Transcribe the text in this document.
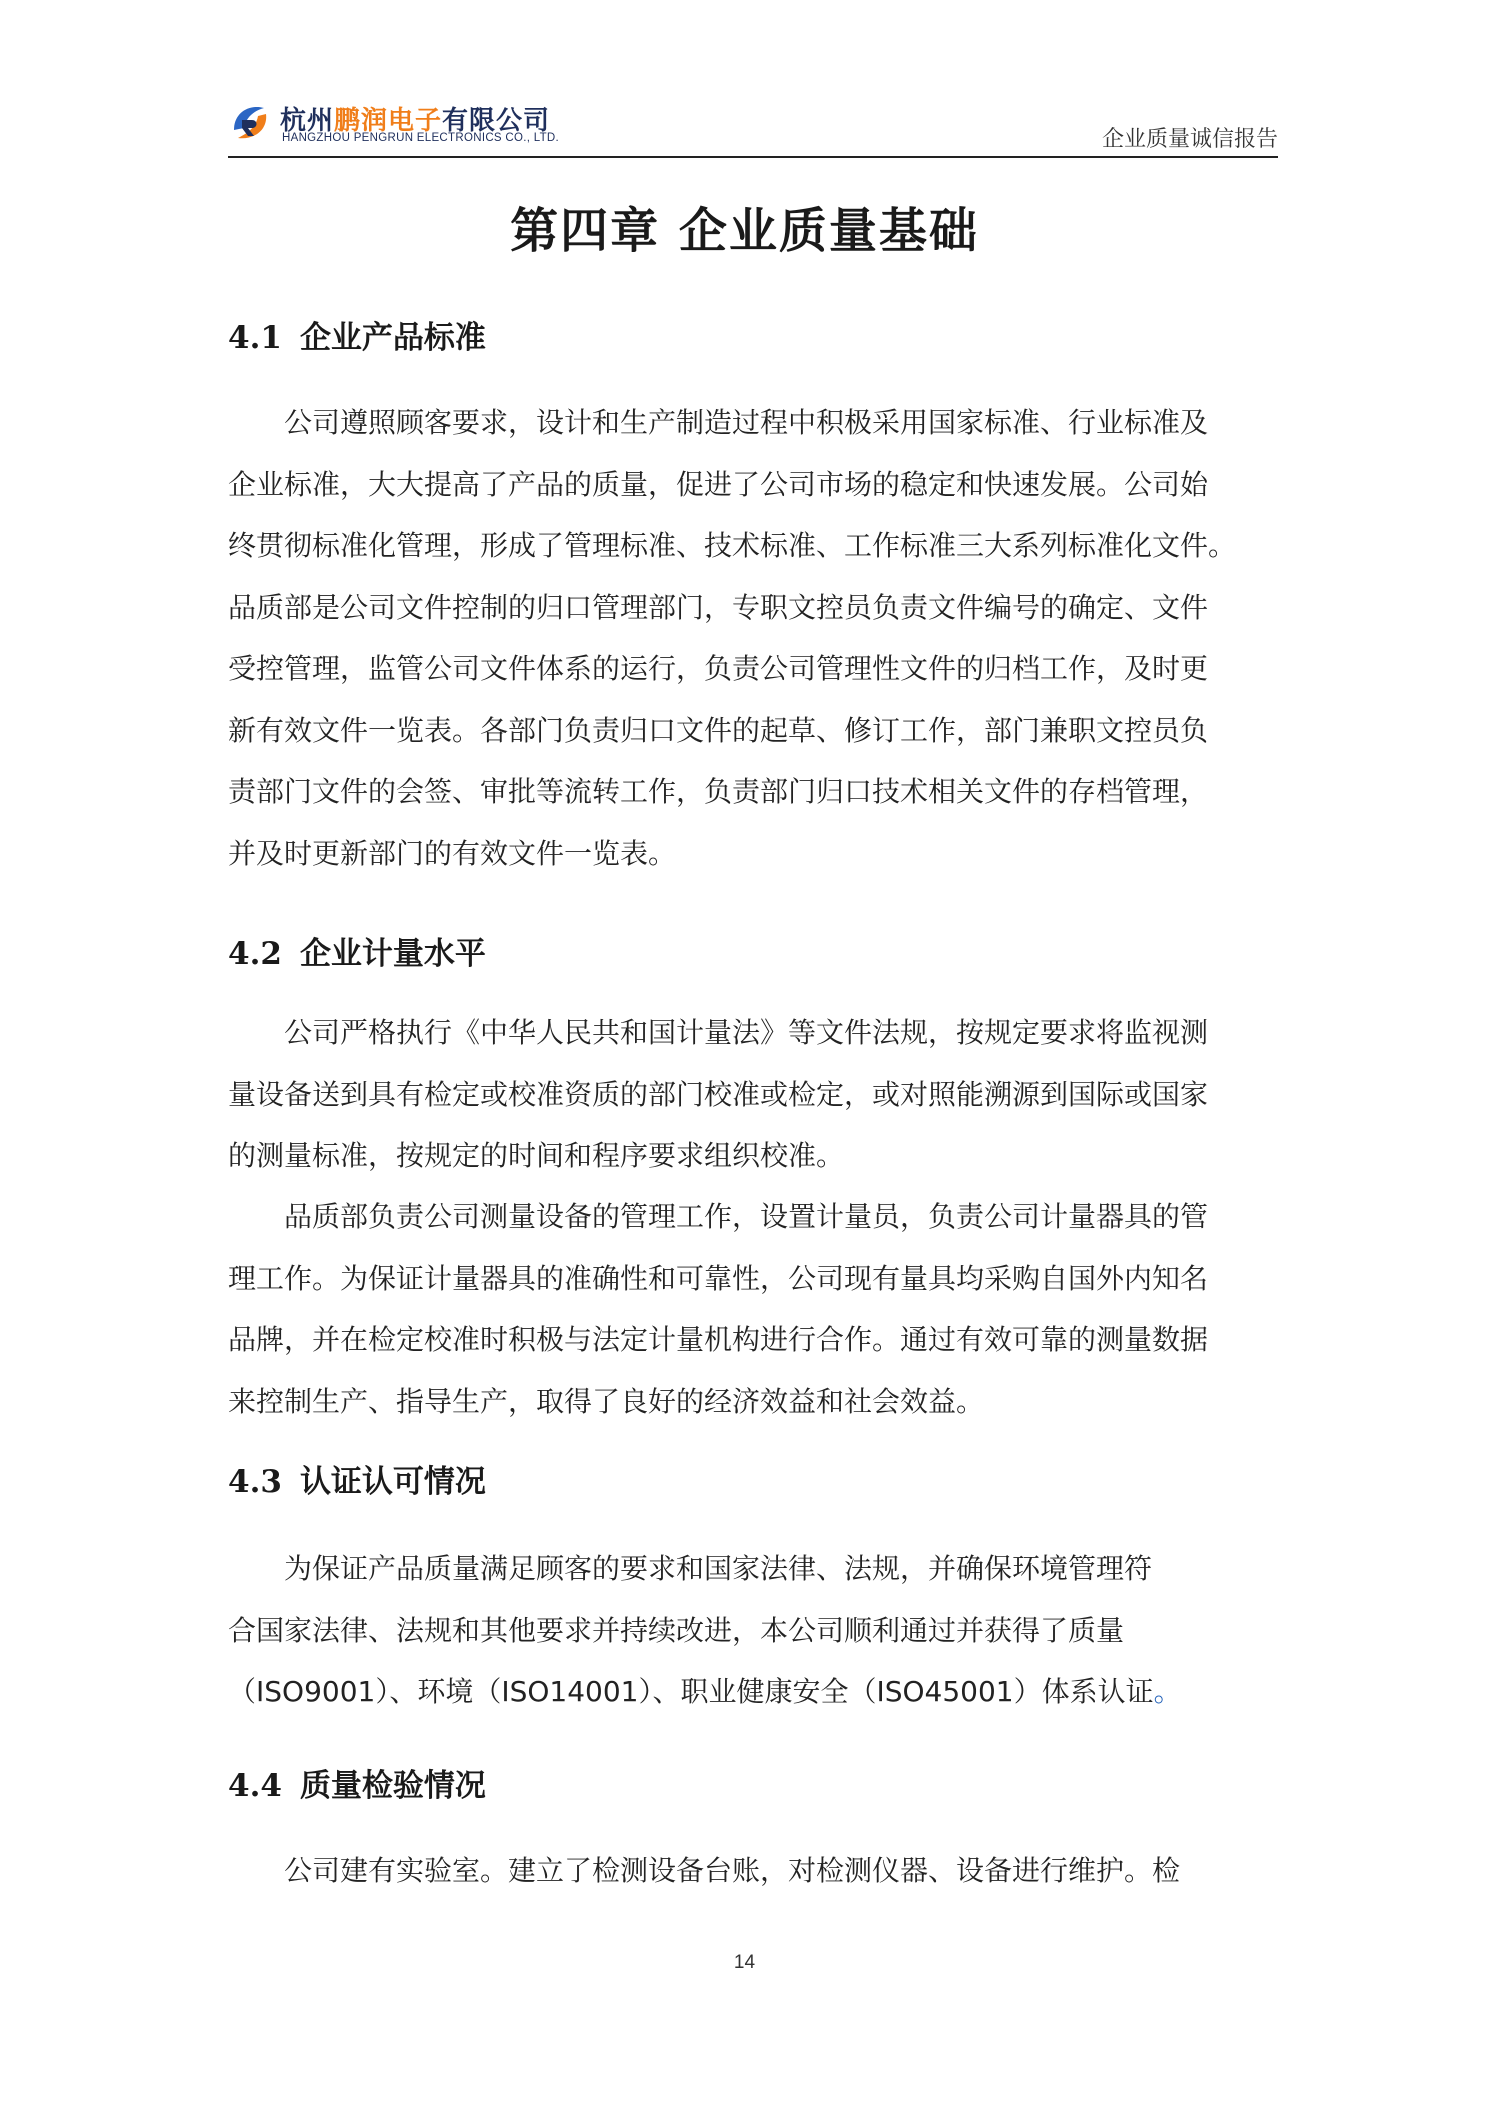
杭州鹏润电子有限公司
HANGZHOU PENGRUN ELECTRONICS CO., LTD.	企业质量诚信报告
第四章 企业质量基础
4.1 企业产品标准
公司遵照顾客要求，设计和生产制造过程中积极采用国家标准、行业标准及
企业标准，大大提高了产品的质量，促进了公司市场的稳定和快速发展。公司始
终贯彻标准化管理，形成了管理标准、技术标准、工作标准三大系列标准化文件。
品质部是公司文件控制的归口管理部门，专职文控员负责文件编号的确定、文件
受控管理，监管公司文件体系的运行，负责公司管理性文件的归档工作，及时更
新有效文件一览表。各部门负责归口文件的起草、修订工作，部门兼职文控员负
责部门文件的会签、审批等流转工作，负责部门归口技术相关文件的存档管理，
并及时更新部门的有效文件一览表。
4.2 企业计量水平
公司严格执行《中华人民共和国计量法》等文件法规，按规定要求将监视测
量设备送到具有检定或校准资质的部门校准或检定，或对照能溯源到国际或国家
的测量标准，按规定的时间和程序要求组织校准。
品质部负责公司测量设备的管理工作，设置计量员，负责公司计量器具的管
理工作。为保证计量器具的准确性和可靠性，公司现有量具均采购自国外内知名
品牌，并在检定校准时积极与法定计量机构进行合作。通过有效可靠的测量数据
来控制生产、指导生产，取得了良好的经济效益和社会效益。
4.3 认证认可情况
为保证产品质量满足顾客的要求和国家法律、法规，并确保环境管理符
合国家法律、法规和其他要求并持续改进，本公司顺利通过并获得了质量
（ISO9001）、环境（ISO14001）、职业健康安全（ISO45001）体系认证。
4.4 质量检验情况
公司建有实验室。建立了检测设备台账，对检测仪器、设备进行维护。检
14
